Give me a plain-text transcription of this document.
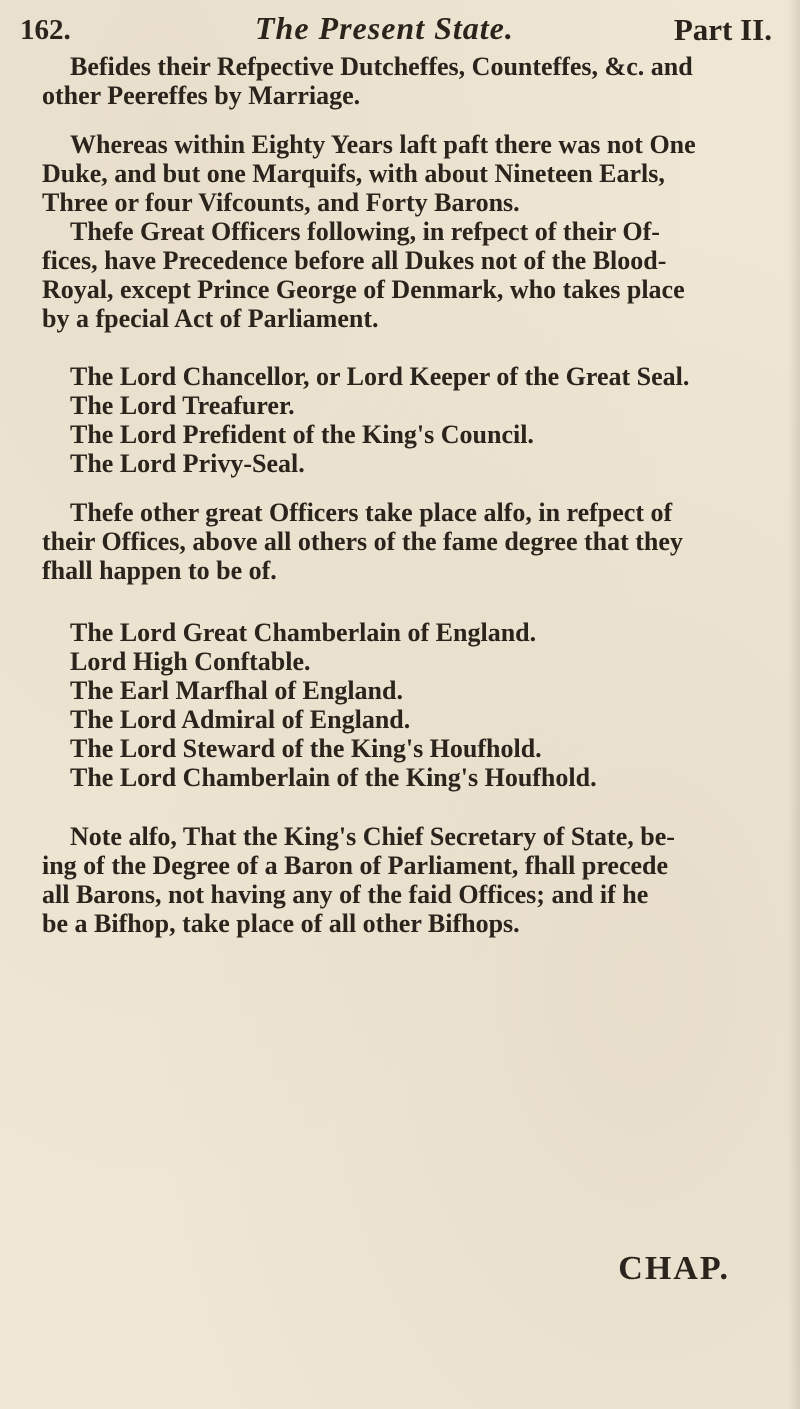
162.	The Present State.	Part II.
Befides their Refpective Dutcheffes, Counteffes, &c. and
other Peereffes by Marriage.
Whereas within Eighty Years laft paft there was not One
Duke, and but one Marquifs, with about Nineteen Earls,
Three or four Vifcounts, and Forty Barons.
Thefe Great Officers following, in refpect of their Of-
fices, have Precedence before all Dukes not of the Blood-
Royal, except Prince George of Denmark, who takes place
by a fpecial Act of Parliament.
The Lord Chancellor, or Lord Keeper of the Great Seal.
The Lord Treafurer.
The Lord Prefident of the King's Council.
The Lord Privy-Seal.
Thefe other great Officers take place alfo, in refpect of
their Offices, above all others of the fame degree that they
fhall happen to be of.
The Lord Great Chamberlain of England.
Lord High Conftable.
The Earl Marfhal of England.
The Lord Admiral of England.
The Lord Steward of the King's Houfhold.
The Lord Chamberlain of the King's Houfhold.
Note alfo, That the King's Chief Secretary of State, be-
ing of the Degree of a Baron of Parliament, fhall precede
all Barons, not having any of the faid Offices; and if he
be a Bifhop, take place of all other Bifhops.
CHAP.
